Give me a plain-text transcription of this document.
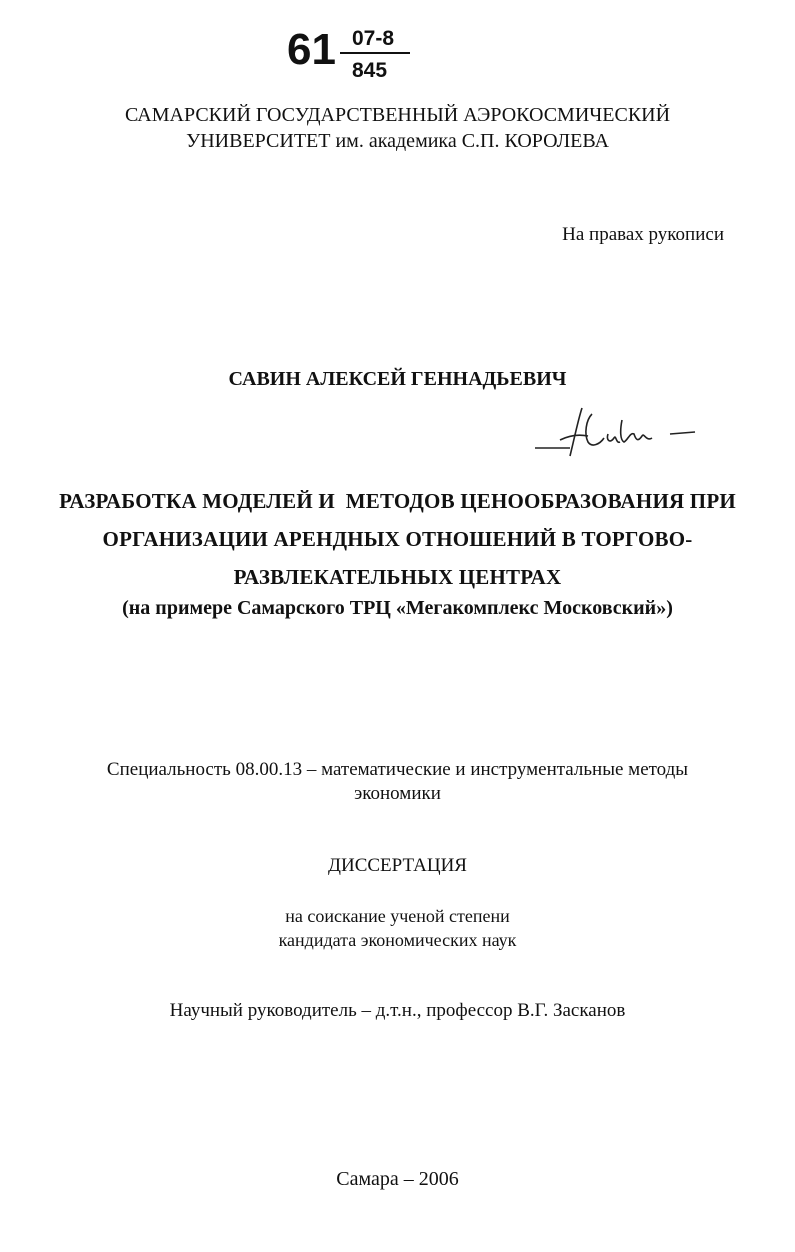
61 07-8
845
САМАРСКИЙ ГОСУДАРСТВЕННЫЙ АЭРОКОСМИЧЕСКИЙ
УНИВЕРСИТЕТ им. академика С.П. КОРОЛЕВА
На правах рукописи
САВИН АЛЕКСЕЙ ГЕННАДЬЕВИЧ
РАЗРАБОТКА МОДЕЛЕЙ И  МЕТОДОВ ЦЕНООБРАЗОВАНИЯ ПРИ
ОРГАНИЗАЦИИ АРЕНДНЫХ ОТНОШЕНИЙ В ТОРГОВО-
РАЗВЛЕКАТЕЛЬНЫХ ЦЕНТРАХ
(на примере Самарского ТРЦ «Мегакомплекс Московский»)
Специальность 08.00.13 – математические и инструментальные методы
экономики
ДИССЕРТАЦИЯ
на соискание ученой степени
кандидата экономических наук
Научный руководитель – д.т.н., профессор В.Г. Засканов
Самара – 2006
